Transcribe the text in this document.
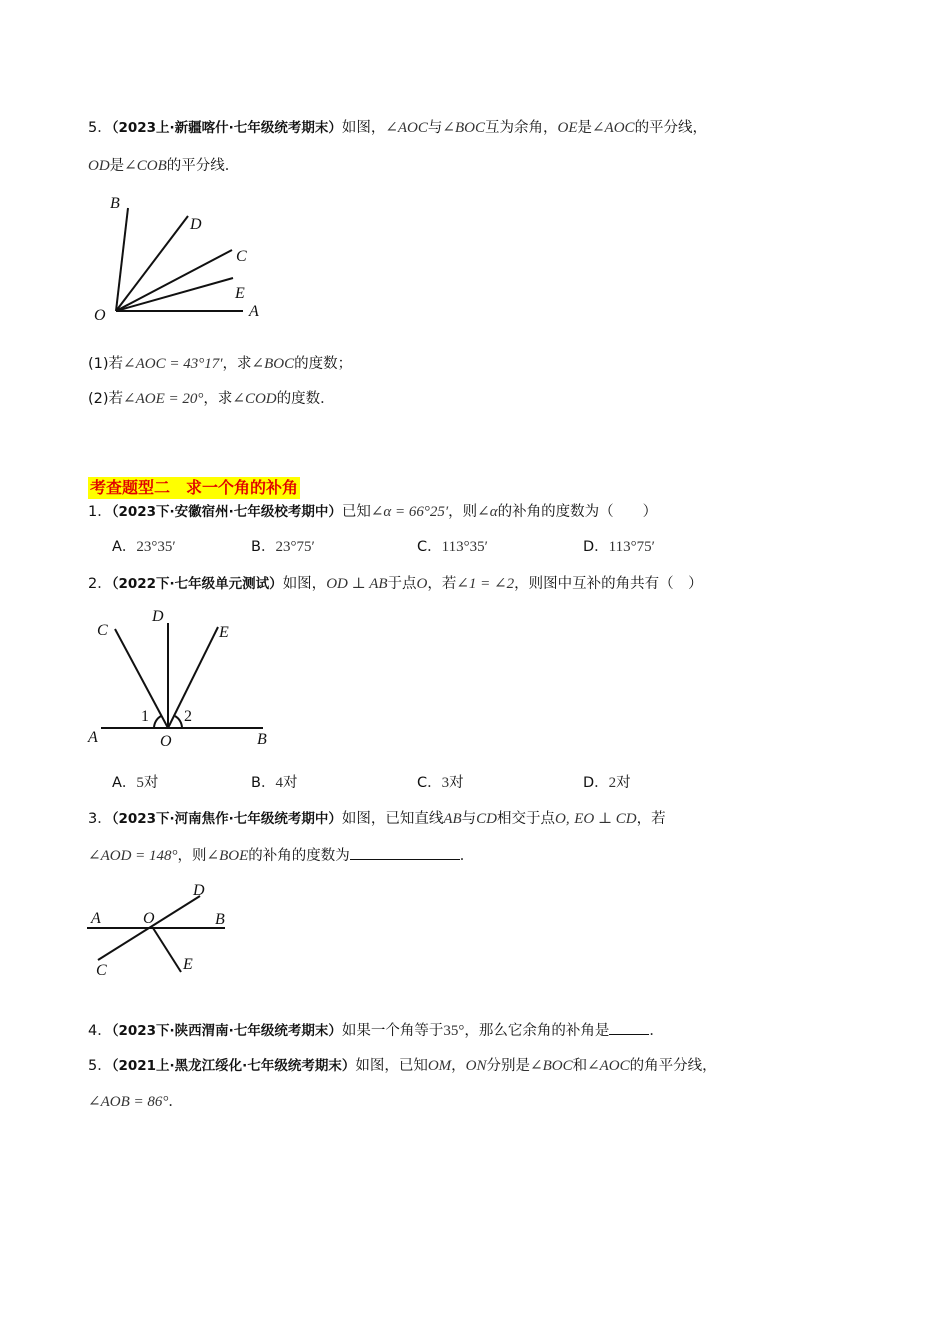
5．（2023上·新疆喀什·七年级统考期末）如图，∠AOC与∠BOC互为余角，OE是∠AOC的平分线，
OD是∠COB的平分线．
B
D
C
E
O	A
(1)若∠AOC = 43°17′，求∠BOC的度数；
(2)若∠AOE = 20°，求∠COD的度数．
考查题型二　求一个角的补角
1．（2023下·安徽宿州·七年级校考期中）已知∠α = 66°25′，则∠α的补角的度数为（　　）
A．23°35′	B．23°75′	C．113°35′	D．113°75′
2．（2022下·七年级单元测试）如图，OD ⊥ AB于点O，若∠1 = ∠2，则图中互补的角共有（　）
C
D
E
1 2
A	O	B
A．5对	B．4对	C．3对	D．2对
3．（2023下·河南焦作·七年级统考期中）如图，已知直线AB与CD相交于点O, EO ⊥ CD，若
∠AOD = 148°，则∠BOE的补角的度数为	．
D
A	O	B
C	E
4．（2023下·陕西渭南·七年级统考期末）如果一个角等于35°，那么它余角的补角是	．
5．（2021上·黑龙江绥化·七年级统考期末）如图，已知OM，ON分别是∠BOC和∠AOC的角平分线，
∠AOB = 86°．
